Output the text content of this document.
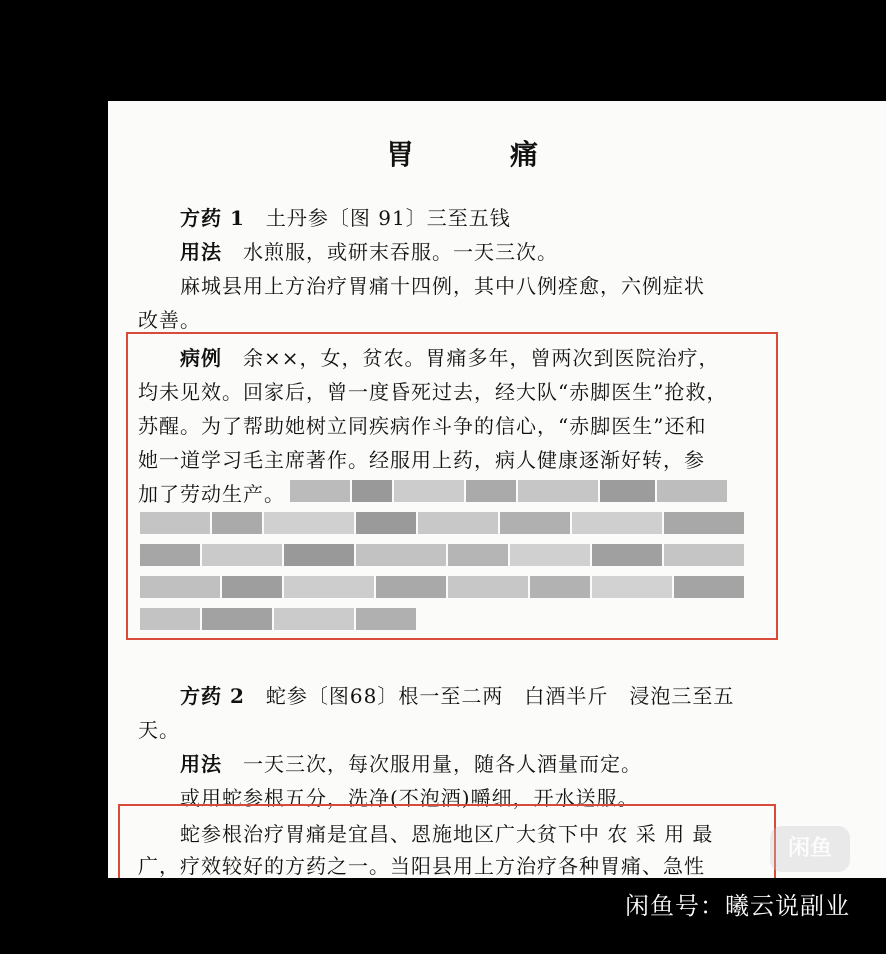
胃　痛
方药 1　 土丹参〔图 91〕三至五钱
用法　 水煎服，或研末吞服。一天三次。
麻城县用上方治疗胃痛十四例，其中八例痊愈，六例症状
改善。
病例　 余××，女，贫农。胃痛多年，曾两次到医院治疗，
均未见效。回家后，曾一度昏死过去，经大队“赤脚医生”抢救，
苏醒。为了帮助她树立同疾病作斗争的信心，“赤脚医生”还和
她一道学习毛主席著作。经服用上药，病人健康逐渐好转，参
加了劳动生产。
方药 2　 蛇参〔图68〕根一至二两　白酒半斤　浸泡三至五
天。
用法　 一天三次，每次服用量，随各人酒量而定。
或用蛇参根五分，洗净(不泡酒)嚼细，开水送服。
蛇参根治疗胃痛是宜昌、恩施地区广大贫下中 农 采 用 最
广，疗效较好的方药之一。当阳县用上方治疗各种胃痛、急性
闲鱼
闲鱼号：曦云说副业
